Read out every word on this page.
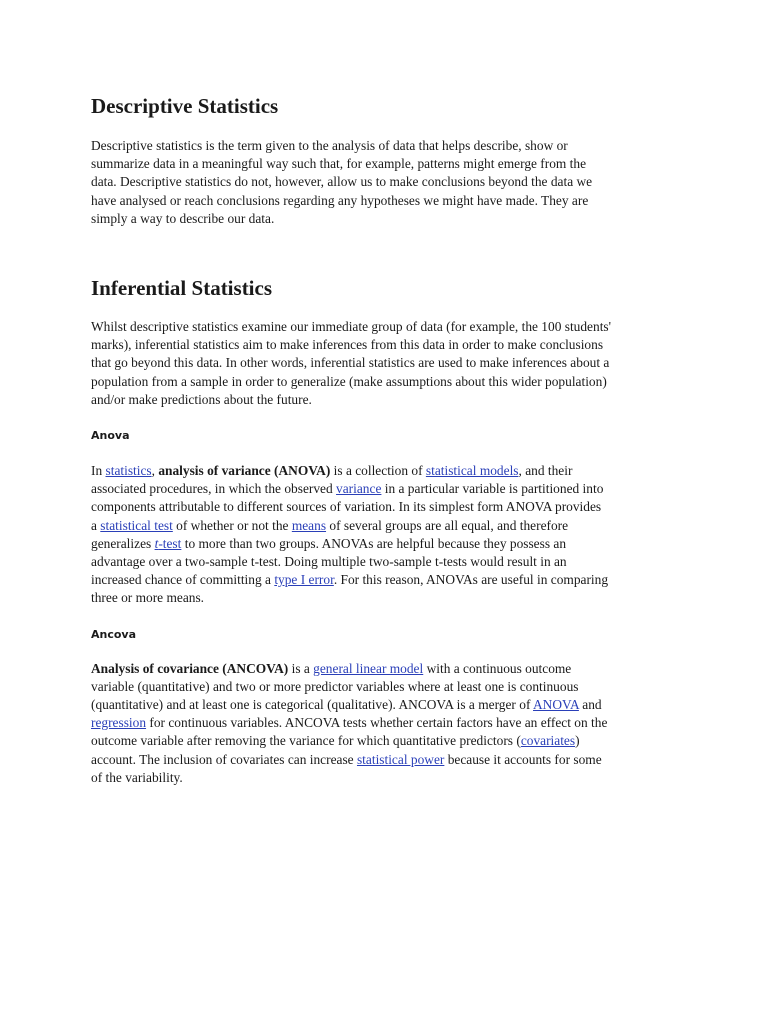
Descriptive Statistics

Descriptive statistics is the term given to the analysis of data that helps describe, show or
summarize data in a meaningful way such that, for example, patterns might emerge from the
data. Descriptive statistics do not, however, allow us to make conclusions beyond the data we
have analysed or reach conclusions regarding any hypotheses we might have made. They are
simply a way to describe our data.

Inferential Statistics

Whilst descriptive statistics examine our immediate group of data (for example, the 100 students'
marks), inferential statistics aim to make inferences from this data in order to make conclusions
that go beyond this data. In other words, inferential statistics are used to make inferences about a
population from a sample in order to generalize (make assumptions about this wider population)
and/or make predictions about the future.

Anova

In statistics, analysis of variance (ANOVA) is a collection of statistical models, and their
associated procedures, in which the observed variance in a particular variable is partitioned into
components attributable to different sources of variation. In its simplest form ANOVA provides
a statistical test of whether or not the means of several groups are all equal, and therefore
generalizes t-test to more than two groups. ANOVAs are helpful because they possess an
advantage over a two-sample t-test. Doing multiple two-sample t-tests would result in an
increased chance of committing a type I error. For this reason, ANOVAs are useful in comparing
three or more means.

Ancova

Analysis of covariance (ANCOVA) is a general linear model with a continuous outcome
variable (quantitative) and two or more predictor variables where at least one is continuous
(quantitative) and at least one is categorical (qualitative). ANCOVA is a merger of ANOVA and
regression for continuous variables. ANCOVA tests whether certain factors have an effect on the
outcome variable after removing the variance for which quantitative predictors (covariates)
account. The inclusion of covariates can increase statistical power because it accounts for some
of the variability.
